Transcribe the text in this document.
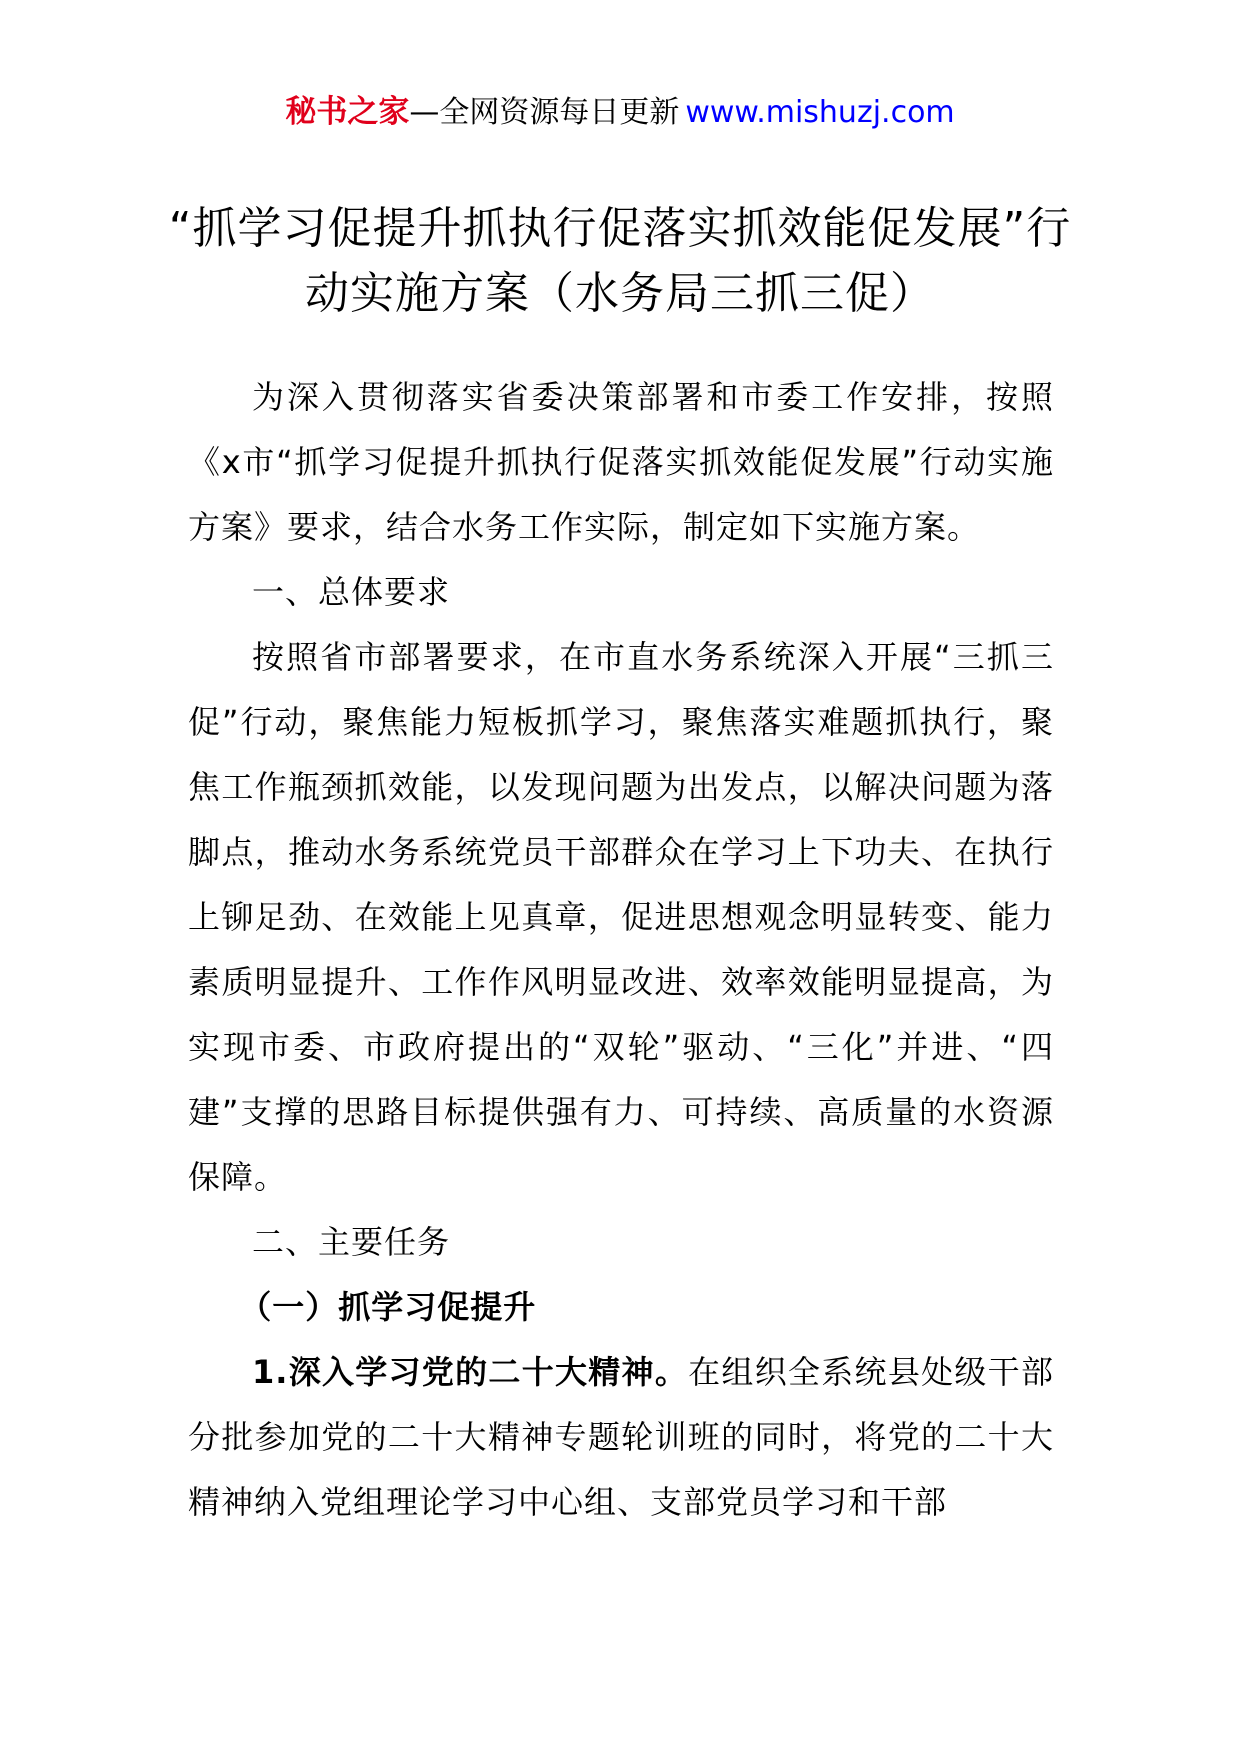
秘书之家—全网资源每日更新 www.mishuzj.com
“抓学习促提升抓执行促落实抓效能促发展”行动实施方案（水务局三抓三促）

为深入贯彻落实省委决策部署和市委工作安排，按照《x市“抓学习促提升抓执行促落实抓效能促发展”行动实施方案》要求，结合水务工作实际，制定如下实施方案。

一、总体要求

按照省市部署要求，在市直水务系统深入开展“三抓三促”行动，聚焦能力短板抓学习，聚焦落实难题抓执行，聚焦工作瓶颈抓效能，以发现问题为出发点，以解决问题为落脚点，推动水务系统党员干部群众在学习上下功夫、在执行上铆足劲、在效能上见真章，促进思想观念明显转变、能力素质明显提升、工作作风明显改进、效率效能明显提高，为实现市委、市政府提出的“双轮”驱动、“三化”并进、“四建”支撑的思路目标提供强有力、可持续、高质量的水资源保障。

二、主要任务

（一）抓学习促提升

1.深入学习党的二十大精神。在组织全系统县处级干部分批参加党的二十大精神专题轮训班的同时，将党的二十大精神纳入党组理论学习中心组、支部党员学习和干部
